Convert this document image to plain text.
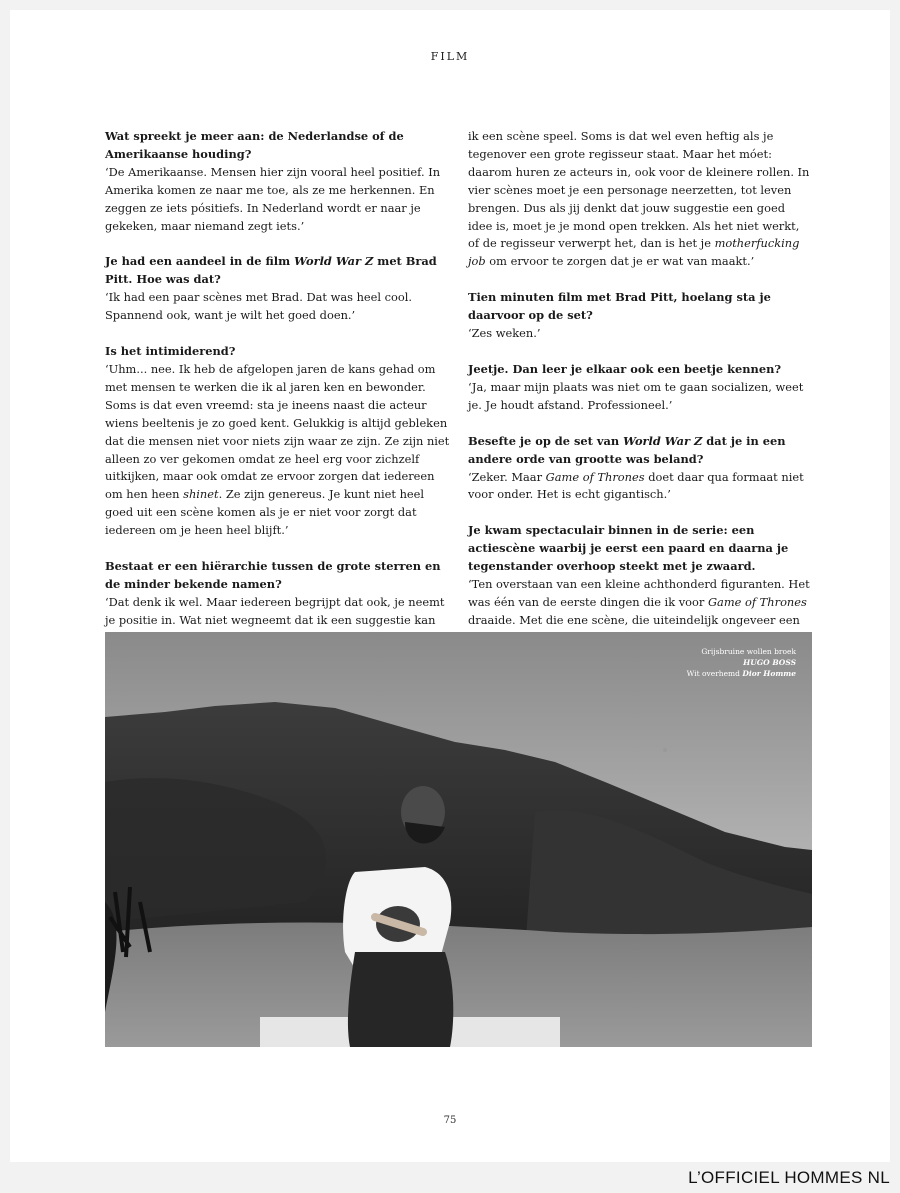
FILM

Wat spreekt je meer aan: de Nederlandse of de Amerikaanse houding?

‘De Amerikaanse. Mensen hier zijn vooral heel positief. In Amerika komen ze naar me toe, als ze me herkennen. En zeggen ze iets pósitiefs. In Nederland wordt er naar je gekeken, maar niemand zegt iets.’

Je had een aandeel in de film World War Z met Brad Pitt. Hoe was dat?

‘Ik had een paar scènes met Brad. Dat was heel cool. Spannend ook, want je wilt het goed doen.’

Is het intimiderend?

‘Uhm... nee. Ik heb de afgelopen jaren de kans gehad om met mensen te werken die ik al jaren ken en bewonder. Soms is dat even vreemd: sta je ineens naast die acteur wiens beeltenis je zo goed kent. Gelukkig is altijd gebleken dat die mensen niet voor niets zijn waar ze zijn. Ze zijn niet alleen zo ver gekomen omdat ze heel erg voor zichzelf uitkijken, maar ook omdat ze ervoor zorgen dat iedereen om hen heen shinet. Ze zijn genereus. Je kunt niet heel goed uit een scène komen als je er niet voor zorgt dat iedereen om je heen heel blijft.’

Bestaat er een hiërarchie tussen de grote sterren en de minder bekende namen?

‘Dat denk ik wel. Maar iedereen begrijpt dat ook, je neemt je positie in. Wat niet wegneemt dat ik een suggestie kan

ik een scène speel. Soms is dat wel even heftig als je tegenover een grote regisseur staat. Maar het móet: daarom huren ze acteurs in, ook voor de kleinere rollen. In vier scènes moet je een personage neerzetten, tot leven brengen. Dus als jij denkt dat jouw suggestie een goed idee is, moet je je mond open trekken. Als het niet werkt, of de regisseur verwerpt het, dan is het je motherfucking job om ervoor te zorgen dat je er wat van maakt.’

Tien minuten film met Brad Pitt, hoelang sta je daarvoor op de set?

‘Zes weken.’

Jeetje. Dan leer je elkaar ook een beetje kennen?

‘Ja, maar mijn plaats was niet om te gaan socializen, weet je. Je houdt afstand. Professioneel.’

Besefte je op de set van World War Z dat je in een andere orde van grootte was beland?

‘Zeker. Maar Game of Thrones doet daar qua formaat niet voor onder. Het is echt gigantisch.’

Je kwam spectaculair binnen in de serie: een actiescène waarbij je eerst een paard en daarna je tegenstander overhoop steekt met je zwaard.

‘Ten overstaan van een kleine achthonderd figuranten. Het was één van de eerste dingen die ik voor Game of Thrones draaide. Met die ene scène, die uiteindelijk ongeveer een

Grijsbruine wollen broek
HUGO BOSS
Wit overhemd Dior Homme
75
L’OFFICIEL HOMMES NL
